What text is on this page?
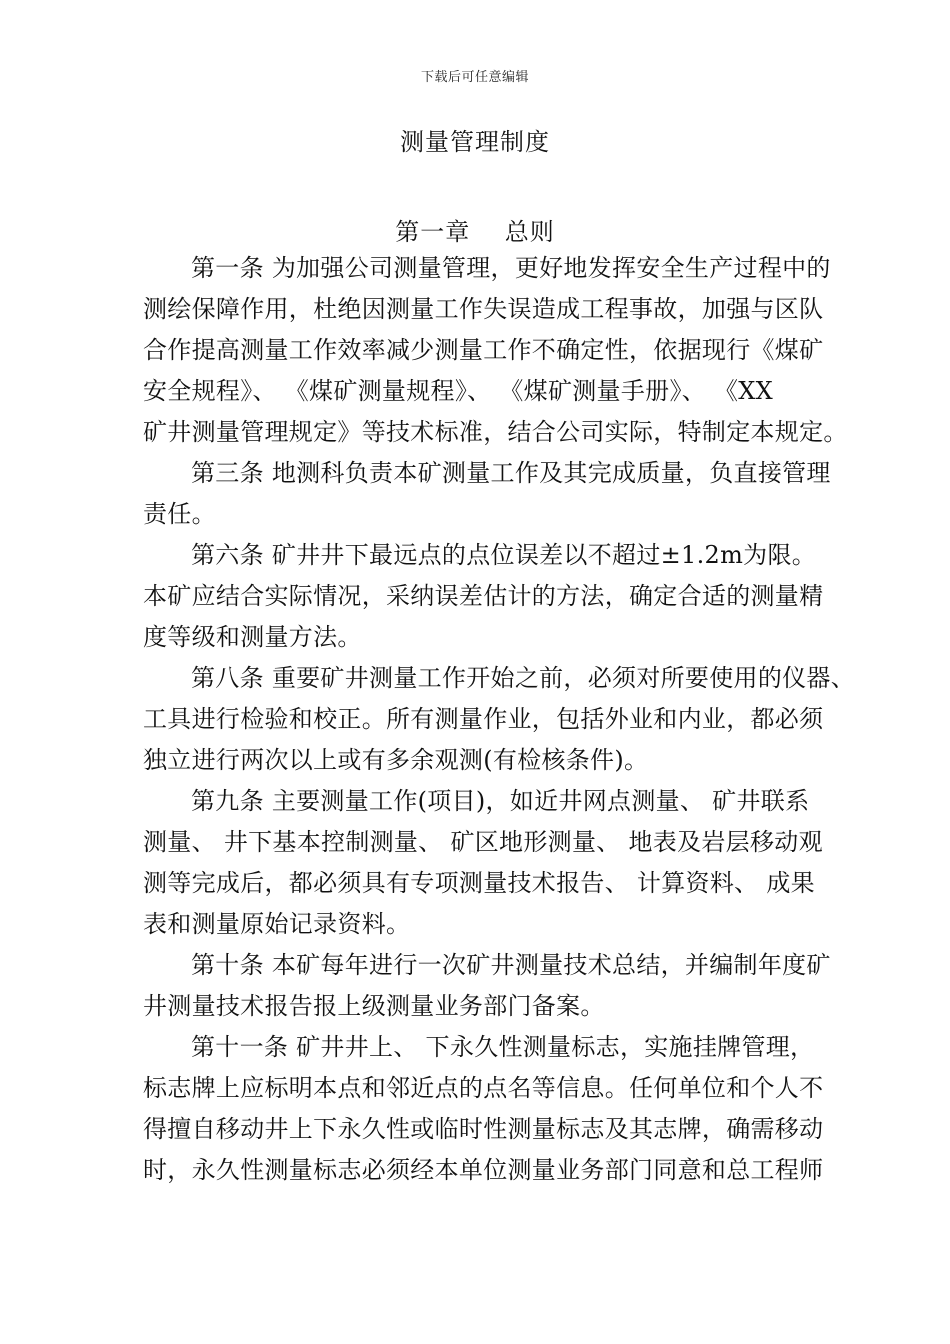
下载后可任意编辑
测量管理制度
第一章    总则
第一条 为加强公司测量管理，更好地发挥安全生产过程中的
测绘保障作用，杜绝因测量工作失误造成工程事故，加强与区队
合作提高测量工作效率减少测量工作不确定性，依据现行《煤矿
安全规程》、 《煤矿测量规程》、 《煤矿测量手册》、 《XX
矿井测量管理规定》等技术标准，结合公司实际，特制定本规定。
第三条 地测科负责本矿测量工作及其完成质量，负直接管理
责任。
第六条 矿井井下最远点的点位误差以不超过±1.2m为限。
本矿应结合实际情况，采纳误差估计的方法，确定合适的测量精
度等级和测量方法。
第八条 重要矿井测量工作开始之前，必须对所要使用的仪器、
工具进行检验和校正。所有测量作业，包括外业和内业，都必须
独立进行两次以上或有多余观测(有检核条件)。
第九条 主要测量工作(项目)，如近井网点测量、 矿井联系
测量、 井下基本控制测量、 矿区地形测量、 地表及岩层移动观
测等完成后，都必须具有专项测量技术报告、 计算资料、 成果
表和测量原始记录资料。
第十条 本矿每年进行一次矿井测量技术总结，并编制年度矿
井测量技术报告报上级测量业务部门备案。
第十一条 矿井井上、 下永久性测量标志，实施挂牌管理，
标志牌上应标明本点和邻近点的点名等信息。任何单位和个人不
得擅自移动井上下永久性或临时性测量标志及其志牌，确需移动
时，永久性测量标志必须经本单位测量业务部门同意和总工程师
